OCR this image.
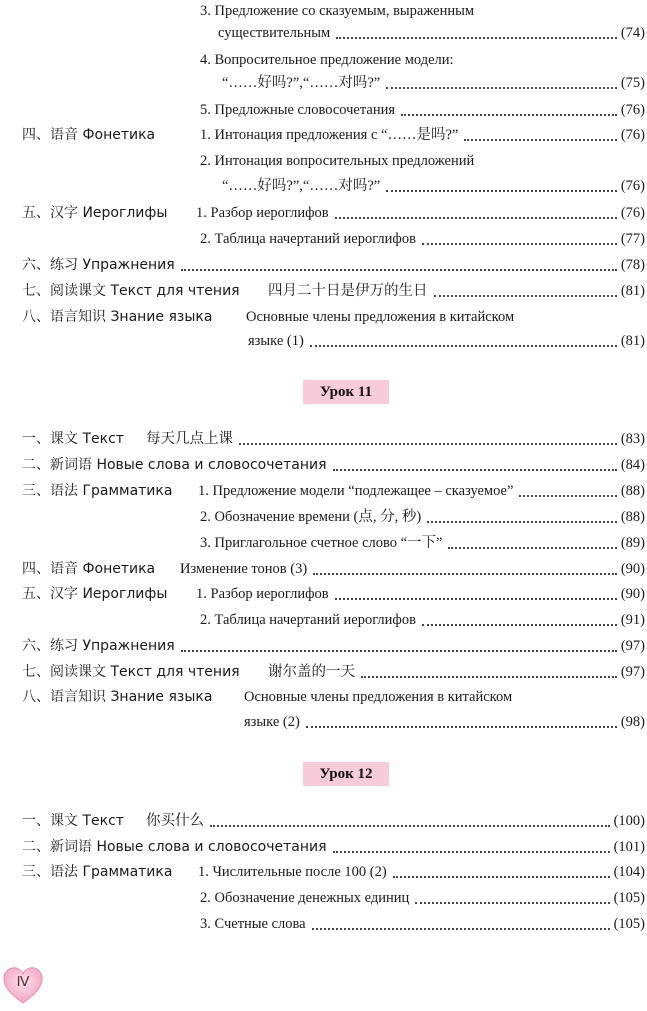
3. Предложение со сказуемым, выраженным
существительным	(74)
4. Вопросительное предложение модели:
“……好吗?”,“……对吗?”	(75)
5. Предложные словосочетания	(76)
四、语音 Фонетика	1. Интонация предложения с “……是吗?”	(76)
2. Интонация вопросительных предложений
“……好吗?”,“……对吗?”	(76)
五、汉字 Иероглифы 1. Разбор иероглифов	(76)
2. Таблица начертаний иероглифов	(77)
六、练习 Упражнения	(78)
七、阅读课文 Текст для чтения 四月二十日是伊万的生日	(81)
八、语言知识 Знание языка Основные члены предложения в китайском
языке (1)	(81)
一、课文 Текст 每天几点上课	(83)
二、新词语 Новые слова и словосочетания	(84)
三、语法 Грамматика 1. Предложение модели “подлежащее – сказуемое”	(88)
2. Обозначение времени (点, 分, 秒)	(88)
3. Приглагольное счетное слово “一下”	(89)
四、语音 Фонетика Изменение тонов (3)	(90)
五、汉字 Иероглифы 1. Разбор иероглифов	(90)
2. Таблица начертаний иероглифов	(91)
六、练习 Упражнения	(97)
七、阅读课文 Текст для чтения 谢尔盖的一天	(97)
八、语言知识 Знание языка Основные члены предложения в китайском
языке (2)	(98)
一、课文 Текст 你买什么	(100)
二、新词语 Новые слова и словосочетания	(101)
三、语法 Грамматика 1. Числительные после 100 (2)	(104)
2. Обозначение денежных единиц	(105)
3. Счетные слова	(105)
Урок 11
Урок 12
Ⅳ
